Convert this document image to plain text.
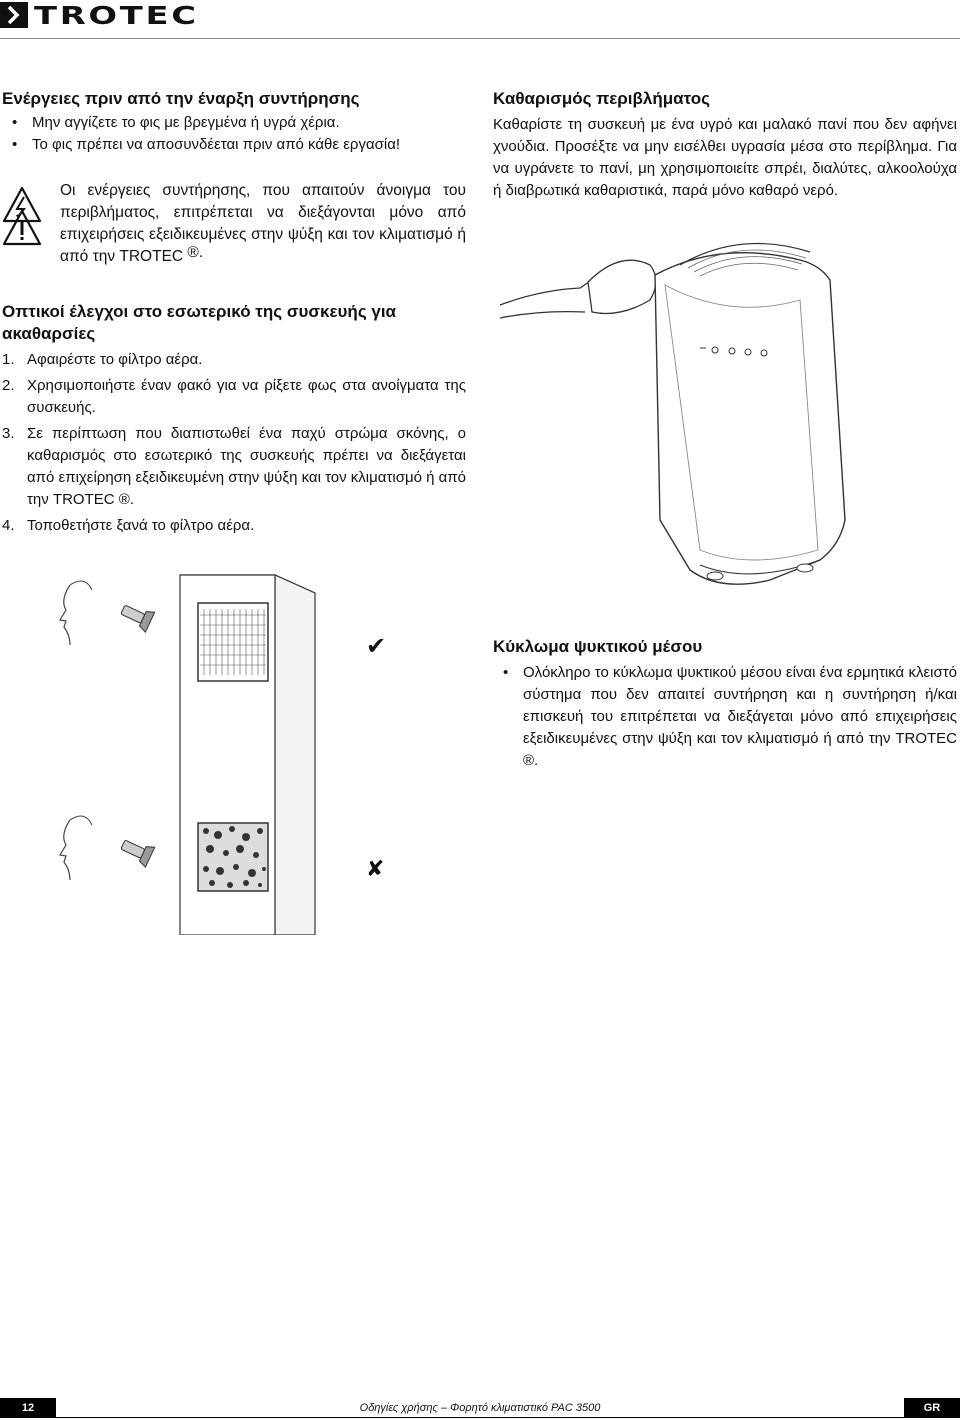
TROTEC
Ενέργειες πριν από την έναρξη συντήρησης
• Μην αγγίζετε το φις με βρεγμένα ή υγρά χέρια.
• Το φις πρέπει να αποσυνδέεται πριν από κάθε εργασία!
Οι ενέργειες συντήρησης, που απαιτούν άνοιγμα του περιβλήματος, επιτρέπεται να διεξάγονται μόνο από επιχειρήσεις εξειδικευμένες στην ψύξη και τον κλιματισμό ή από την TROTEC ®.
Οπτικοί έλεγχοι στο εσωτερικό της συσκευής για ακαθαρσίες
1. Αφαιρέστε το φίλτρο αέρα.
2. Χρησιμοποιήστε έναν φακό για να ρίξετε φως στα ανοίγματα της συσκευής.
3. Σε περίπτωση που διαπιστωθεί ένα παχύ στρώμα σκόνης, ο καθαρισμός στο εσωτερικό της συσκευής πρέπει να διεξάγεται από επιχείρηση εξειδικευμένη στην ψύξη και τον κλιματισμό ή από την TROTEC ®.
4. Τοποθετήστε ξανά το φίλτρο αέρα.
✔
✘
Καθαρισμός περιβλήματος
Καθαρίστε τη συσκευή με ένα υγρό και μαλακό πανί που δεν αφήνει χνούδια. Προσέξτε να μην εισέλθει υγρασία μέσα στο περίβλημα. Για να υγράνετε το πανί, μη χρησιμοποιείτε σπρέι, διαλύτες, αλκοολούχα ή διαβρωτικά καθαριστικά, παρά μόνο καθαρό νερό.
Κύκλωμα ψυκτικού μέσου
• Ολόκληρο το κύκλωμα ψυκτικού μέσου είναι ένα ερμητικά κλειστό σύστημα που δεν απαιτεί συντήρηση και η συντήρηση ή/και επισκευή του επιτρέπεται να διεξάγεται μόνο από επιχειρήσεις εξειδικευμένες στην ψύξη και τον κλιματισμό ή από την TROTEC ®.
12	Οδηγίες χρήσης – Φορητό κλιματιστικό PAC 3500	GR
